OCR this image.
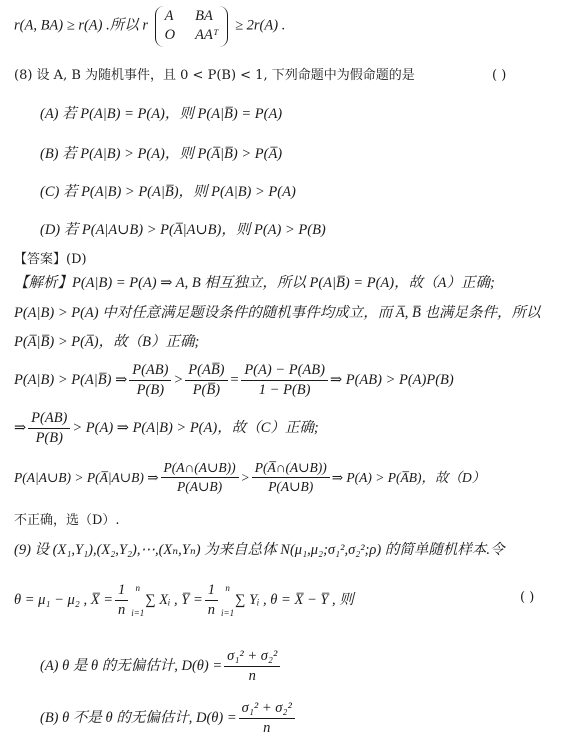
r(A, BA) ≥ r(A) .所以 r
A BA
O AAᵀ
≥ 2r(A) .
(8) 设 A, B 为随机事件，且 0 < P(B) < 1, 下列命题中为假命题的是	( )
(A) 若 P(A|B) = P(A)，则 P(A|B̅) = P(A)
(B) 若 P(A|B) > P(A)，则 P(A̅|B̅) > P(A̅)
(C) 若 P(A|B) > P(A|B̅)，则 P(A|B) > P(A)
(D) 若 P(A|A∪B) > P(A̅|A∪B)，则 P(A) > P(B)
【答案】(D)
【解析】P(A|B) = P(A) ⇒ A, B 相互独立，所以 P(A|B̅) = P(A)，故（A）正确;
P(A|B) > P(A) 中对任意满足题设条件的随机事件均成立，而 A̅, B̅ 也满足条件，所以
P(A̅|B̅) > P(A̅)，故（B）正确;
P(A|B) > P(A|B̅) ⇒ $\frac{P(AB)}{P(B)} > \frac{P(AB̅)}{P(B̅)} = \frac{P(A) - P(AB)}{1 - P(B)}$ ⇒ P(AB) > P(A)P(B)
⇒ $\frac{P(AB)}{P(B)} > P(A)$ ⇒ P(A|B) > P(A)，故（C）正确;
P(A|A∪B) > P(A̅|A∪B) ⇒ $\frac{P(A\cap(A\cup B))}{P(A\cup B)} > \frac{P(A̅\cap(A\cup B))}{P(A\cup B)}$ ⇒ P(A) > P(A̅B)，故（D）
不正确，选（D）.
(9) 设 (X₁,Y₁),(X₂,Y₂),⋯,(Xₙ,Yₙ) 为来自总体 N(μ₁,μ₂;σ₁²,σ₂²;ρ) 的简单随机样本.令
θ = μ₁ − μ₂ , X̅ = $\frac{1}{n}$ n
i=1
∑ Xᵢ , Y̅ = $\frac{1}{n}$ n
i=1
∑ Yᵢ , θ = X̅ − Y̅ , 则	( )
(A) θ 是 θ 的无偏估计, $D(\theta) = \frac{\text{σ₁² + σ₂²}}{n}$
(B) θ 不是 θ 的无偏估计, $D(\theta) = \frac{\text{σ₁² + σ₂²}}{n}$
